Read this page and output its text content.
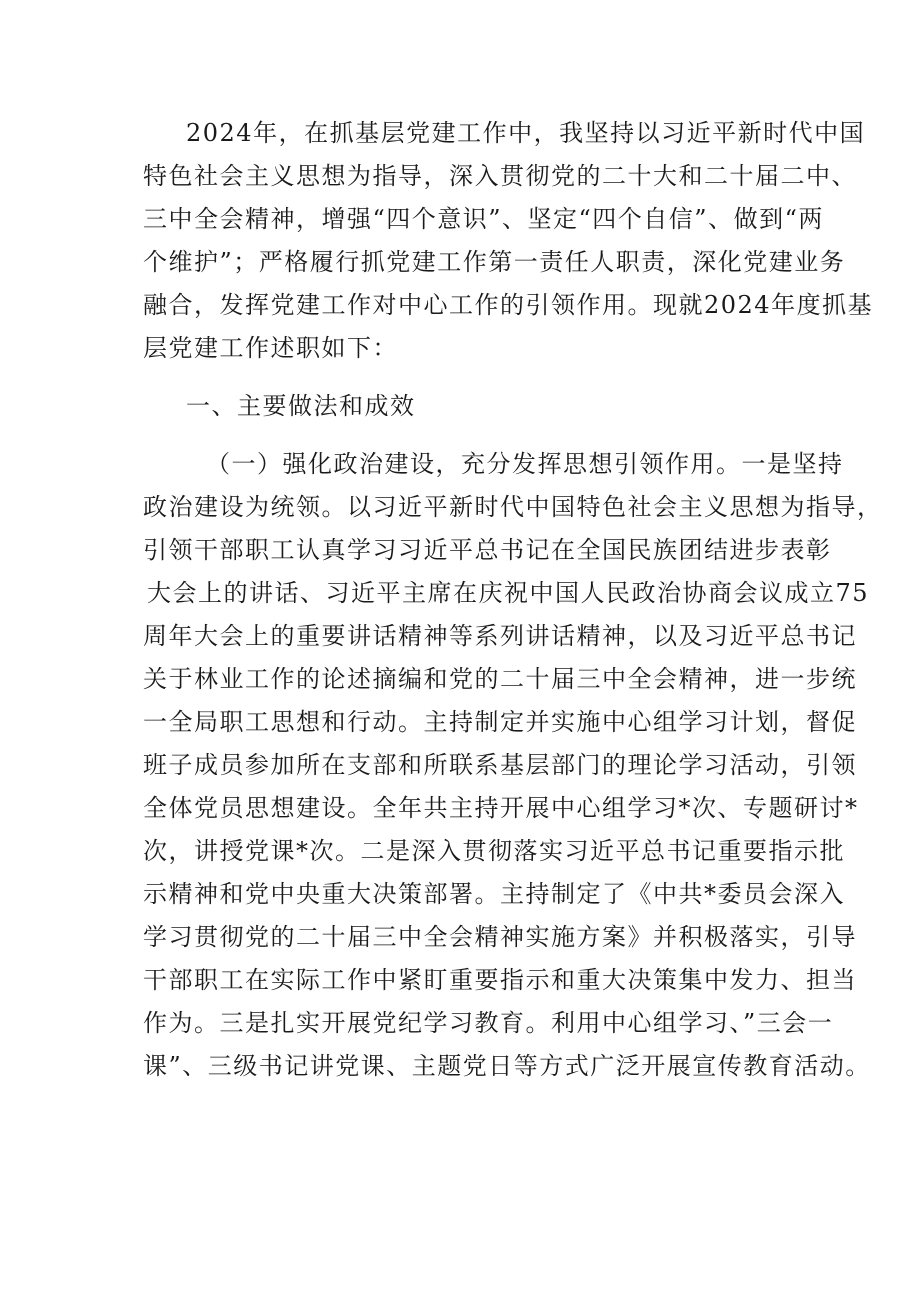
2024年，在抓基层党建工作中，我坚持以习近平新时代中国
特色社会主义思想为指导，深入贯彻党的二十大和二十届二中、
三中全会精神，增强“四个意识”、坚定“四个自信”、做到“两
个维护”；严格履行抓党建工作第一责任人职责，深化党建业务
融合，发挥党建工作对中心工作的引领作用。现就2024年度抓基
层党建工作述职如下：
一、主要做法和成效
（一）强化政治建设，充分发挥思想引领作用。一是坚持
政治建设为统领。以习近平新时代中国特色社会主义思想为指导，
引领干部职工认真学习习近平总书记在全国民族团结进步表彰
大会上的讲话、习近平主席在庆祝中国人民政治协商会议成立75
周年大会上的重要讲话精神等系列讲话精神，以及习近平总书记
关于林业工作的论述摘编和党的二十届三中全会精神，进一步统
一全局职工思想和行动。主持制定并实施中心组学习计划，督促
班子成员参加所在支部和所联系基层部门的理论学习活动，引领
全体党员思想建设。全年共主持开展中心组学习*次、专题研讨*
次，讲授党课*次。二是深入贯彻落实习近平总书记重要指示批
示精神和党中央重大决策部署。主持制定了《中共*委员会深入
学习贯彻党的二十届三中全会精神实施方案》并积极落实，引导
干部职工在实际工作中紧盯重要指示和重大决策集中发力、担当
作为。三是扎实开展党纪学习教育。利用中心组学习、”三会一
课”、三级书记讲党课、主题党日等方式广泛开展宣传教育活动。
